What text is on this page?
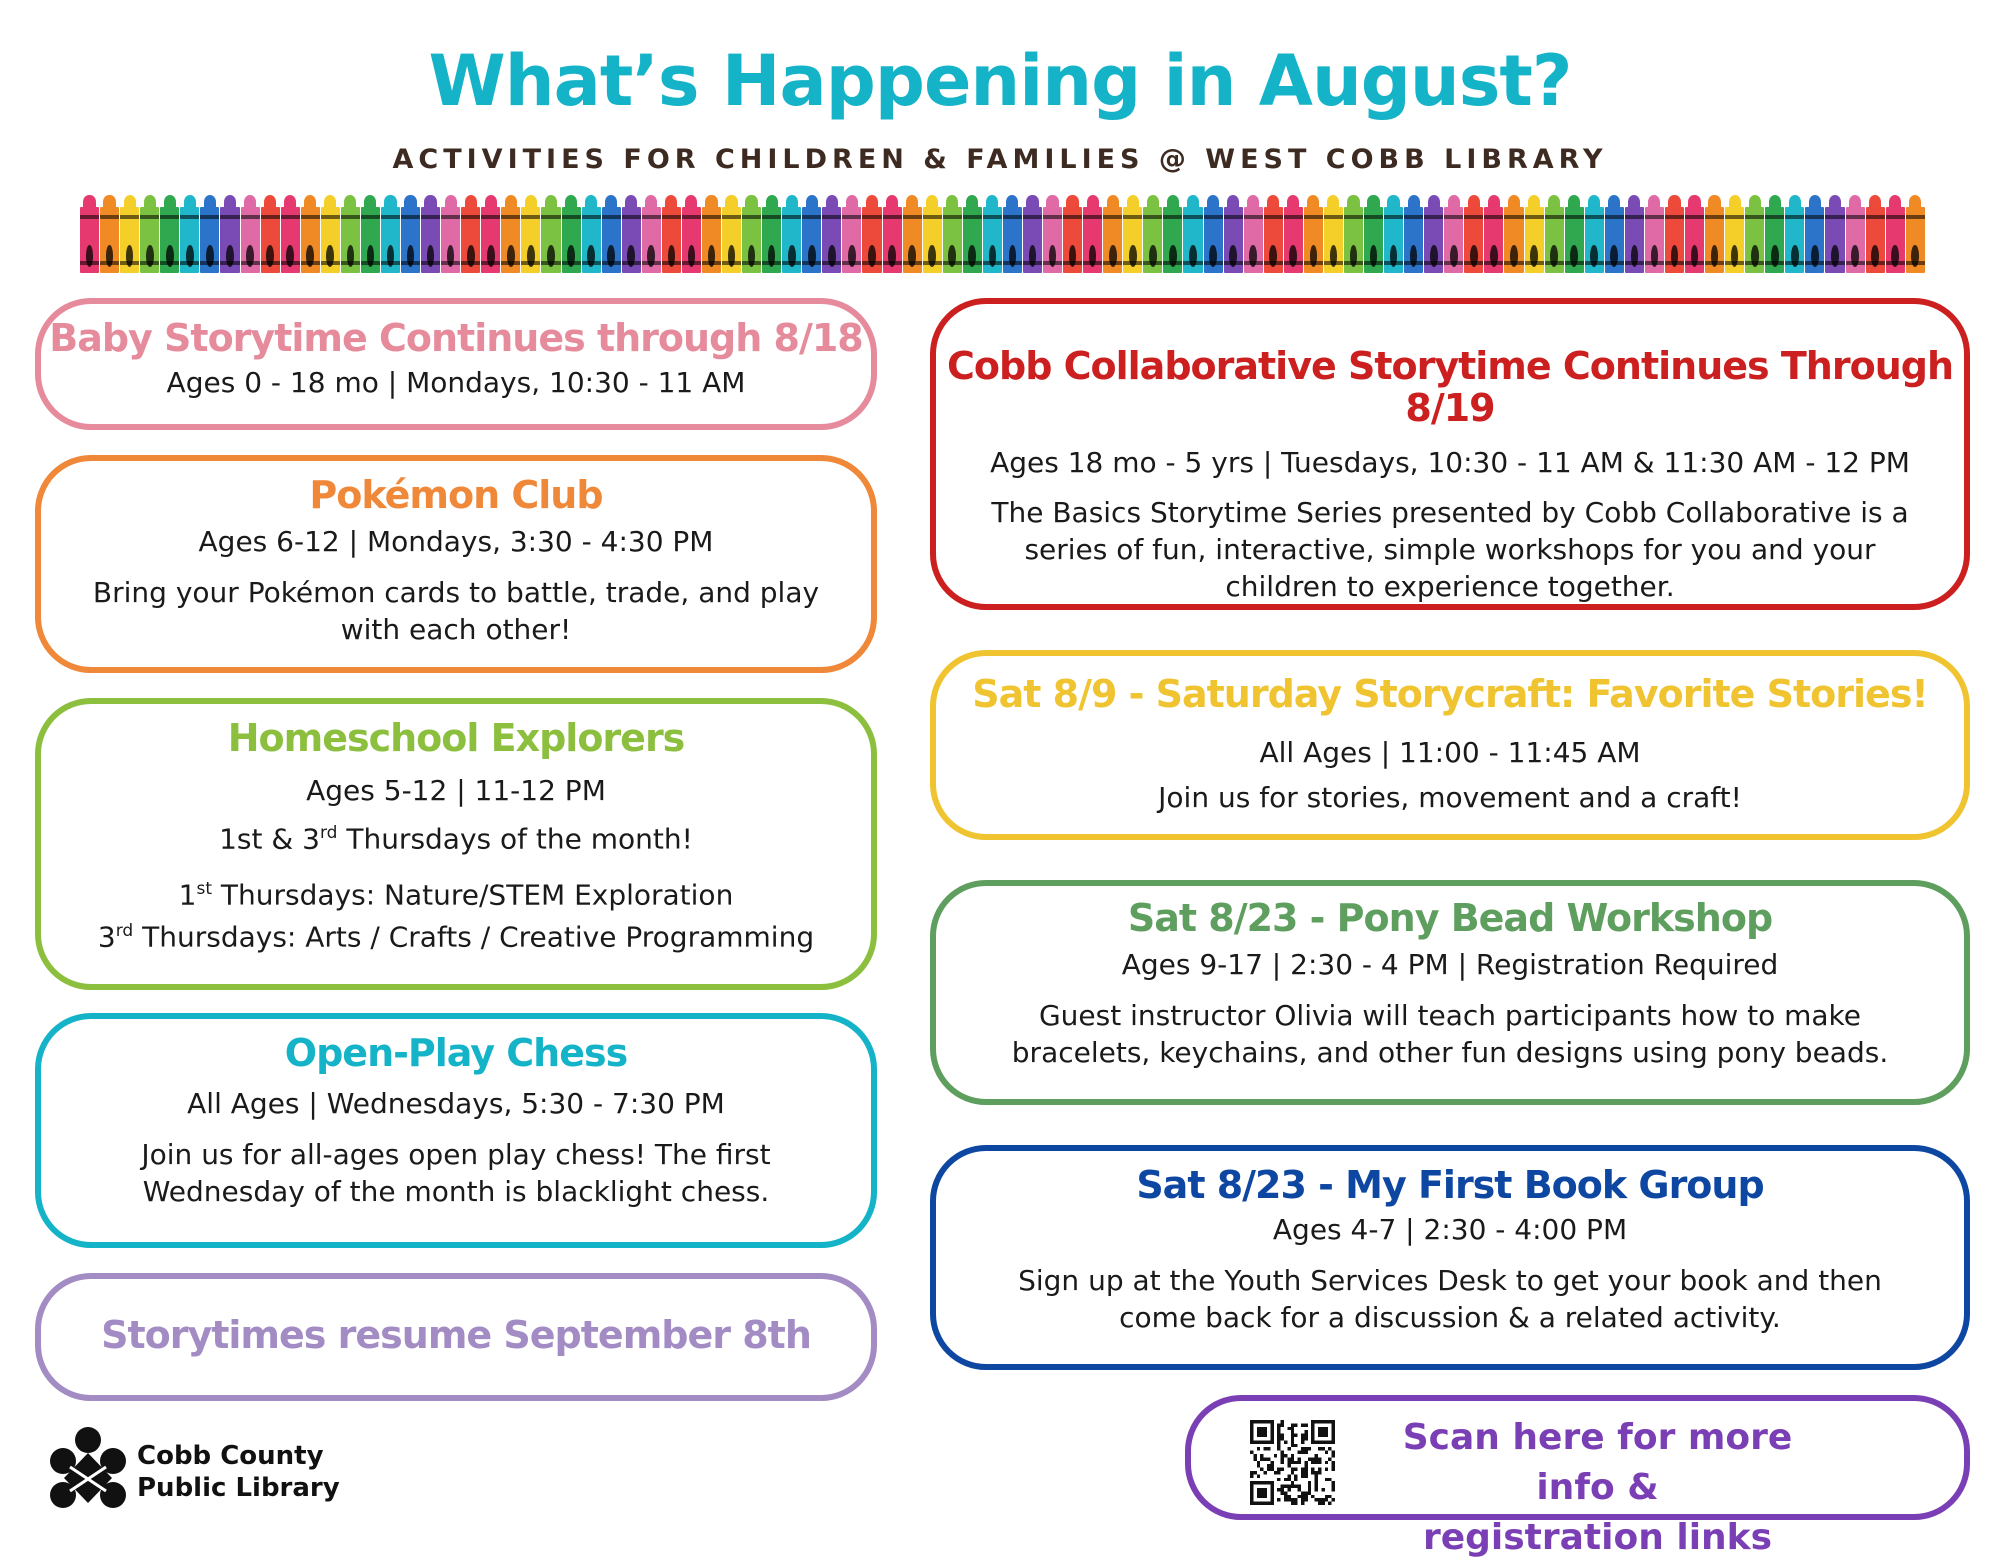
What’s Happening in August?
ACTIVITIES FOR CHILDREN & FAMILIES @ WEST COBB LIBRARY
Baby Storytime Continues through 8/18
Ages 0 - 18 mo | Mondays, 10:30 - 11 AM
Pokémon Club
Ages 6-12 | Mondays, 3:30 - 4:30 PM
Bring your Pokémon cards to battle, trade, and play
with each other!
Homeschool Explorers
Ages 5-12 | 11-12 PM
1st & 3rd Thursdays of the month!
1st Thursdays: Nature/STEM Exploration
3rd Thursdays: Arts / Crafts / Creative Programming
Open-Play Chess
All Ages | Wednesdays, 5:30 - 7:30 PM
Join us for all-ages open play chess! The first
Wednesday of the month is blacklight chess.
Storytimes resume September 8th
Cobb Collaborative Storytime Continues Through 8/19
Ages 18 mo - 5 yrs | Tuesdays, 10:30 - 11 AM & 11:30 AM - 12 PM
The Basics Storytime Series presented by Cobb Collaborative is a
series of fun, interactive, simple workshops for you and your
children to experience together.
Sat 8/9 - Saturday Storycraft: Favorite Stories!
All Ages | 11:00 - 11:45 AM
Join us for stories, movement and a craft!
Sat 8/23 - Pony Bead Workshop
Ages 9-17 | 2:30 - 4 PM | Registration Required
Guest instructor Olivia will teach participants how to make
bracelets, keychains, and other fun designs using pony beads.
Sat 8/23 - My First Book Group
Ages 4-7 | 2:30 - 4:00 PM
Sign up at the Youth Services Desk to get your book and then
come back for a discussion & a related activity.
Cobb County
Public Library
Scan here for more info &
registration links
